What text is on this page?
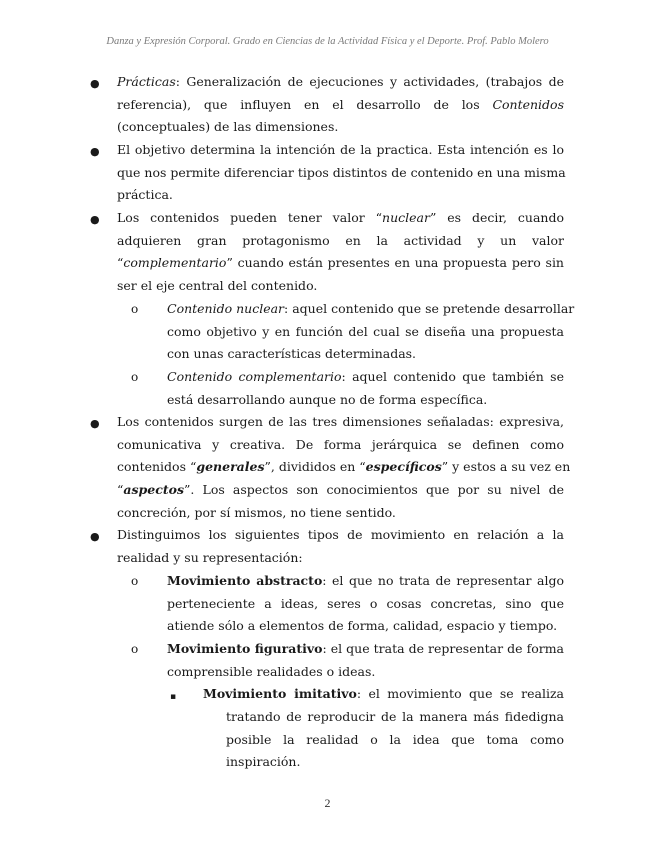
Danza y Expresión Corporal. Grado en Ciencias de la Actividad Física y el Deporte. Prof. Pablo Molero
● Prácticas: Generalización de ejecuciones y actividades, (trabajos de
referencia), que influyen en el desarrollo de los Contenidos
(conceptuales) de las dimensiones.
● El objetivo determina la intención de la practica. Esta intención es lo
que nos permite diferenciar tipos distintos de contenido en una misma
práctica.
● Los contenidos pueden tener valor “nuclear” es decir, cuando
adquieren gran protagonismo en la actividad y un valor
“complementario” cuando están presentes en una propuesta pero sin
ser el eje central del contenido.
o Contenido nuclear: aquel contenido que se pretende desarrollar
como objetivo y en función del cual se diseña una propuesta
con unas características determinadas.
o Contenido complementario: aquel contenido que también se
está desarrollando aunque no de forma específica.
● Los contenidos surgen de las tres dimensiones señaladas: expresiva,
comunicativa y creativa. De forma jerárquica se definen como
contenidos “generales”, divididos en “específicos” y estos a su vez en
“aspectos”. Los aspectos son conocimientos que por su nivel de
concreción, por sí mismos, no tiene sentido.
● Distinguimos los siguientes tipos de movimiento en relación a la
realidad y su representación:
o Movimiento abstracto: el que no trata de representar algo
perteneciente a ideas, seres o cosas concretas, sino que
atiende sólo a elementos de forma, calidad, espacio y tiempo.
o Movimiento figurativo: el que trata de representar de forma
comprensible realidades o ideas.
▪ Movimiento imitativo: el movimiento que se realiza
tratando de reproducir de la manera más fidedigna
posible la realidad o la idea que toma como
inspiración.
2
